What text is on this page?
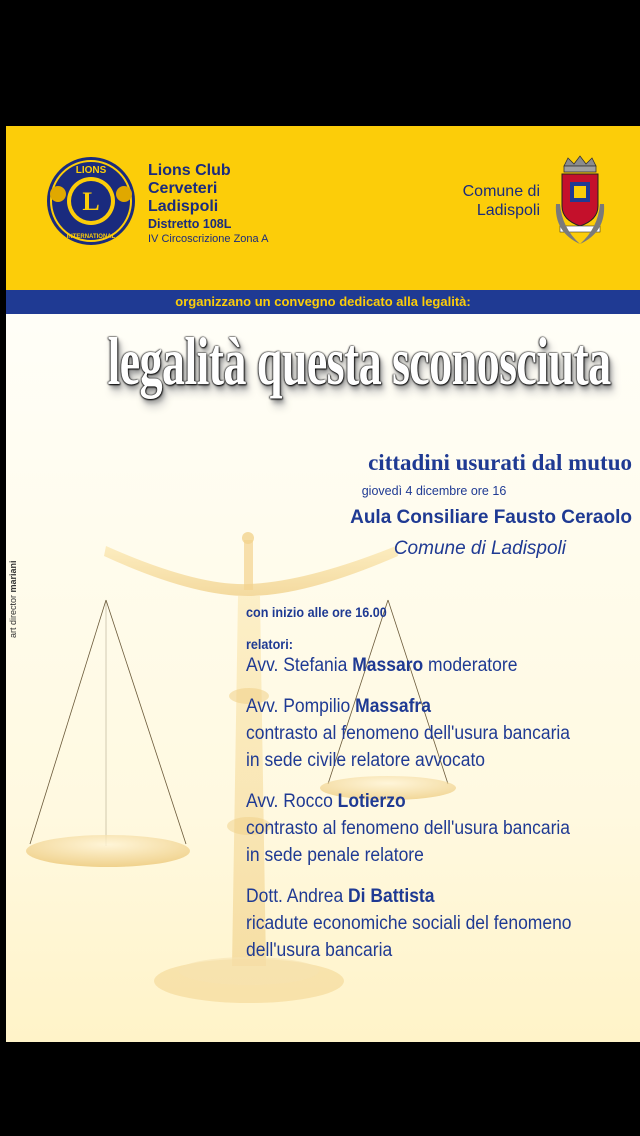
L
LIONS
INTERNATIONAL
Lions Club
Cerveteri
Ladispoli
Distretto 108L
IV Circoscrizione Zona A
Comune di
Ladispoli
organizzano un convegno dedicato alla legalità:
legalità questa sconosciuta
cittadini usurati dal mutuo
giovedì 4 dicembre ore 16
Aula Consiliare Fausto Ceraolo
Comune di Ladispoli
art director mariani
con inizio alle ore 16.00
relatori:
Avv. Stefania Massaro moderatore
Avv. Pompilio Massafra
contrasto al fenomeno dell'usura bancaria
in sede civile relatore avvocato
Avv. Rocco Lotierzo
contrasto al fenomeno dell'usura bancaria
in sede penale relatore
Dott. Andrea Di Battista
ricadute economiche sociali del fenomeno
dell'usura bancaria
